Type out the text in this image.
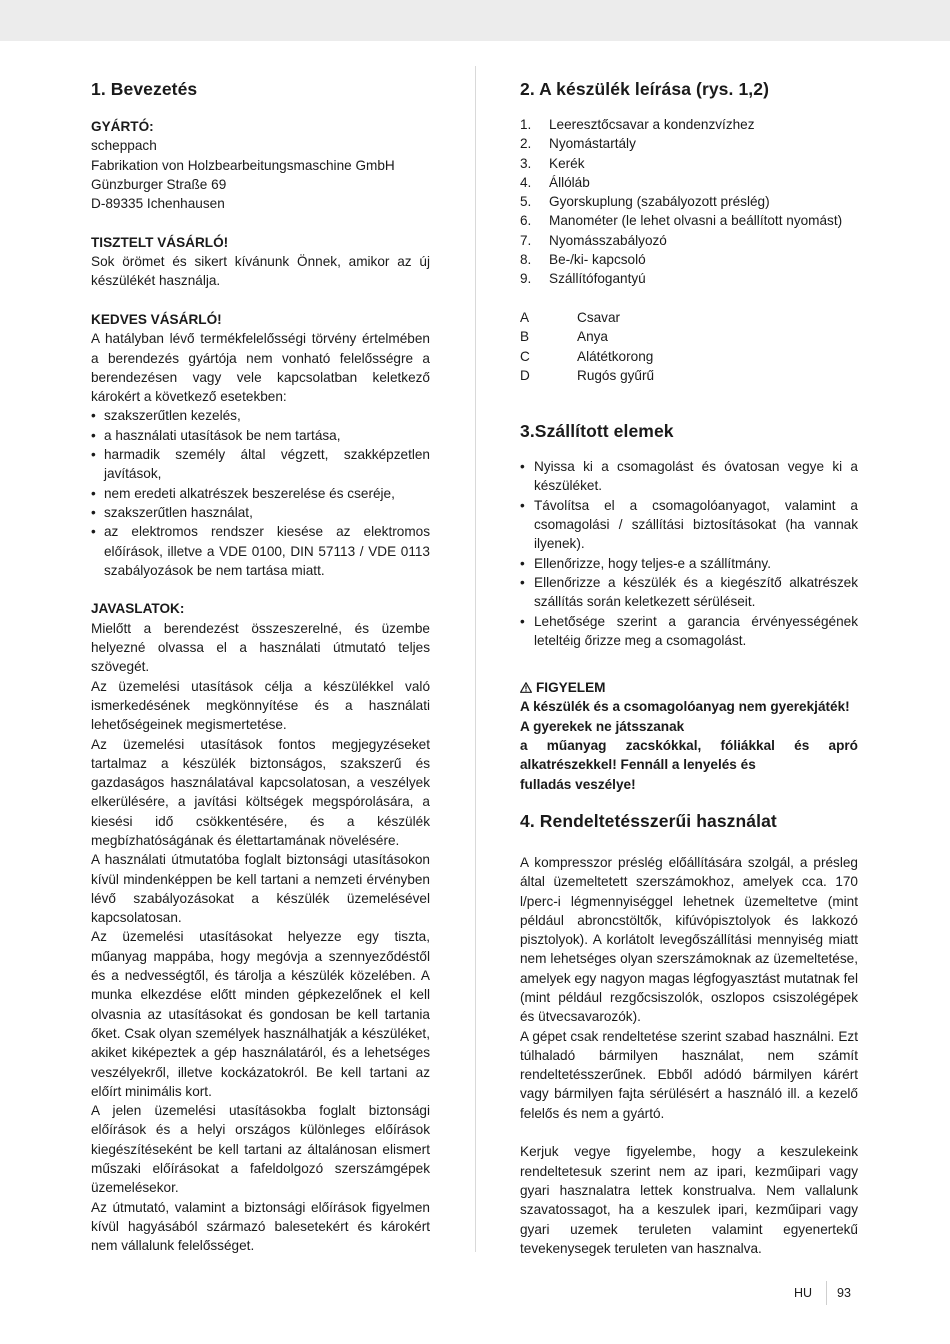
1. Bevezetés
GYÁRTÓ:

scheppach

Fabrikation von Holzbearbeitungsmaschine GmbH

Günzburger Straße 69

D-89335 Ichenhausen

TISZTELT VÁSÁRLÓ!

Sok örömet és sikert kívánunk Önnek, amikor az új készülékét használja.

KEDVES VÁSÁRLÓ!

A hatályban lévő termékfelelősségi törvény értelmében a berendezés gyártója nem vonható felelősségre a berendezésen vagy vele kapcsolatban keletkező károkért a következő esetekben:

• szakszerűtlen kezelés,
• a használati utasítások be nem tartása,
• harmadik személy által végzett, szakképzetlen javítások,
• nem eredeti alkatrészek beszerelése és cseréje,
• szakszerűtlen használat,
• az elektromos rendszer kiesése az elektromos előírások, illetve a VDE 0100, DIN 57113 / VDE 0113 szabályozások be nem tartása miatt.
JAVASLATOK:

Mielőtt a berendezést összeszerelné, és üzembe helyezné olvassa el a használati útmutató teljes szövegét.

Az üzemelési utasítások célja a készülékkel való ismerkedésének megkönnyítése és a használati lehetőségeinek megismertetése.

Az üzemelési utasítások fontos megjegyzéseket tartalmaz a készülék biztonságos, szakszerű és gazdaságos használatával kapcsolatosan, a veszélyek elkerülésére, a javítási költségek megspórolására, a kiesési idő csökkentésére, és a készülék megbízhatóságának és élettartamának növelésére.

A használati útmutatóba foglalt biztonsági utasításokon kívül mindenképpen be kell tartani a nemzeti érvényben lévő szabályozásokat a készülék üzemelésével kapcsolatosan.

Az üzemelési utasításokat helyezze egy tiszta, műanyag mappába, hogy megóvja a szennyeződéstől és a nedvességtől, és tárolja a készülék közelében. A munka elkezdése előtt minden gépkezelőnek el kell olvasnia az utasításokat és gondosan be kell tartania őket. Csak olyan személyek használhatják a készüléket, akiket kiképeztek a gép használatáról, és a lehetséges veszélyekről, illetve kockázatokról. Be kell tartani az előírt minimális kort.

A jelen üzemelési utasításokba foglalt biztonsági előírások és a helyi országos különleges előírások kiegészítéseként be kell tartani az általánosan elismert műszaki előírásokat a fafeldolgozó szerszámgépek üzemelésekor.

Az útmutató, valamint a biztonsági előírások figyelmen kívül hagyásából származó balesetekért és károkért nem vállalunk felelősséget.

2. A készülék leírása (rys. 1,2)
1.	Leeresztőcsavar a kondenzvízhez
2.	Nyomástartály
3.	Kerék
4.	Állóláb
5.	Gyorskuplung (szabályozott préslég)
6.	Manométer (le lehet olvasni a beállított nyomást)
7.	Nyomásszabályozó
8.	Be-/ki- kapcsoló
9.	Szállítófogantyú
A	Csavar
B	Anya
C	Alátétkorong
D	Rugós gyűrű
3.Szállított elemek
• Nyissa ki a csomagolást és óvatosan vegye ki a készüléket.
• Távolítsa el a csomagolóanyagot, valamint a csomagolási / szállítási biztosításokat (ha vannak ilyenek).
• Ellenőrizze, hogy teljes-e a szállítmány.
• Ellenőrizze a készülék és a kiegészítő alkatrészek szállítás során keletkezett sérüléseit.
• Lehetősége szerint a garancia érvényességének leteltéig őrizze meg a csomagolást.
FIGYELEM

A készülék és a csomagolóanyag nem gyerekjáték!

A gyerekek ne játsszanak

a műanyag zacskókkal, fóliákkal és apró alkatrészekkel! Fennáll a lenyelés és

fulladás veszélye!

4. Rendeltetésszerűi használat

A kompresszor préslég előállítására szolgál, a présleg által üzemeltetett szerszámokhoz, amelyek cca. 170 l/perc-i légmennyiséggel lehetnek üzemeltetve (mint például abroncstöltők, kifúvópisztolyok és lakkozó pisztolyok). A korlátolt levegőszállítási mennyiség miatt nem lehetséges olyan szerszámoknak az üzemeltetése, amelyek egy nagyon magas légfogyasztást mutatnak fel (mint például rezgőcsiszolók, oszlopos csiszolégépek és ütvecsavarozók).

A gépet csak rendeltetése szerint szabad használni. Ezt túlhaladó bármilyen használat, nem számít rendeltetésszerűnek. Ebből adódó bármilyen kárért vagy bármilyen fajta sérülésért a használó ill. a kezelő felelős és nem a gyártó.

Kerjuk vegye figyelembe, hogy a keszulekeink rendeltetesuk szerint nem az ipari, kezműipari vagy gyari hasznalatra lettek konstrualva. Nem vallalunk szavatossagot, ha a keszulek ipari, kezműipari vagy gyari uzemek teruleten valamint egyenertekű tevekenysegek teruleten van hasznalva.

HU 93
